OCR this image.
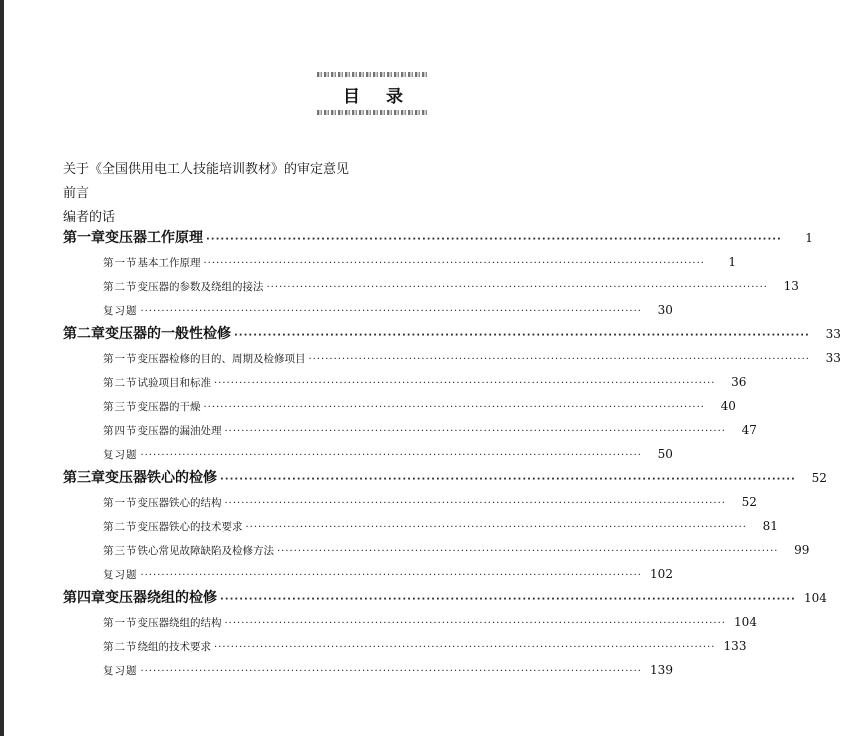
目 录
关于《全国供用电工人技能培训教材》的审定意见
前言
编者的话
第一章 变压器工作原理 ························································································································	1
第一节 基本工作原理 ························································································································	1
第二节 变压器的参数及绕组的接法 ························································································································	13
复习题 ························································································································	30
第二章 变压器的一般性检修 ························································································································	33
第一节 变压器检修的目的、周期及检修项目 ························································································································	33
第二节 试验项目和标准 ························································································································	36
第三节 变压器的干燥 ························································································································	40
第四节 变压器的漏油处理 ························································································································	47
复习题 ························································································································	50
第三章 变压器铁心的检修 ························································································································	52
第一节 变压器铁心的结构 ························································································································	52
第二节 变压器铁心的技术要求 ························································································································	81
第三节 铁心常见故障缺陷及检修方法 ························································································································	99
复习题 ························································································································ 102
第四章 变压器绕组的检修 ························································································································ 104
第一节 变压器绕组的结构 ························································································································ 104
第二节 绕组的技术要求 ························································································································ 133
复习题 ························································································································ 139
